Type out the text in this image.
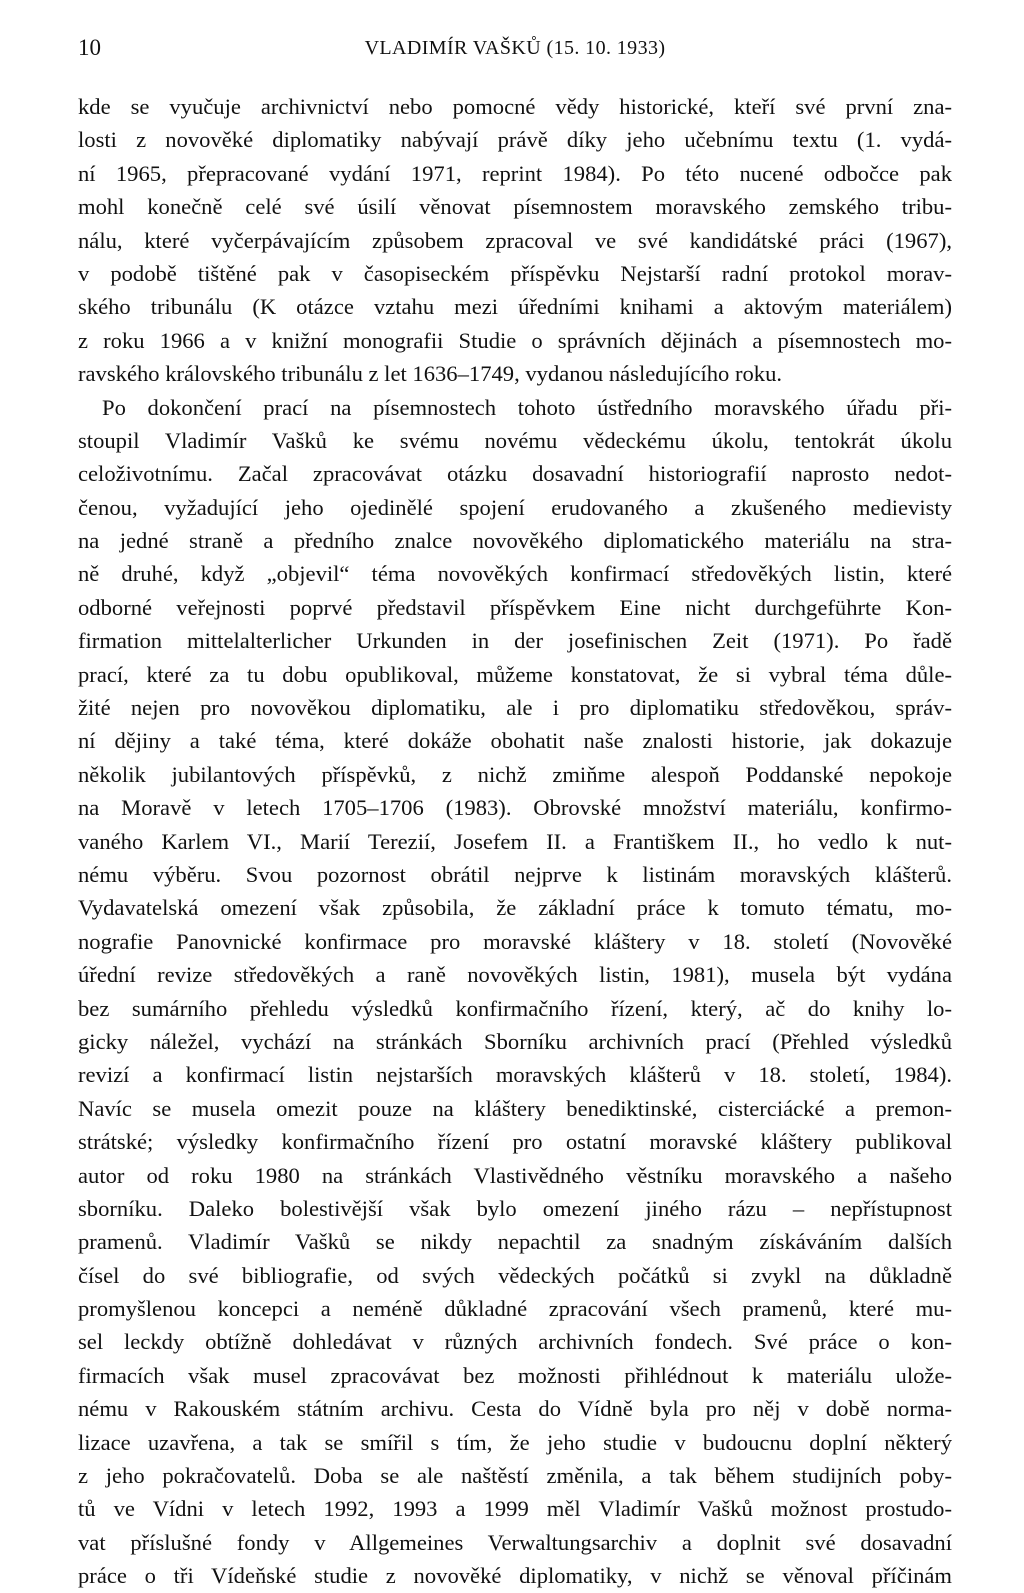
10	VLADIMÍR VAŠKŮ (15. 10. 1933)
kde se vyučuje archivnictví nebo pomocné vědy historické, kteří své první zna-
losti z novověké diplomatiky nabývají právě díky jeho učebnímu textu (1. vydá-
ní 1965, přepracované vydání 1971, reprint 1984). Po této nucené odbočce pak
mohl konečně celé své úsilí věnovat písemnostem moravského zemského tribu-
nálu, které vyčerpávajícím způsobem zpracoval ve své kandidátské práci (1967),
v podobě tištěné pak v časopiseckém příspěvku Nejstarší radní protokol morav-
ského tribunálu (K otázce vztahu mezi úředními knihami a aktovým materiálem)
z roku 1966 a v knižní monografii Studie o správních dějinách a písemnostech mo-
ravského královského tribunálu z let 1636–1749, vydanou následujícího roku.
Po dokončení prací na písemnostech tohoto ústředního moravského úřadu při-
stoupil Vladimír Vašků ke svému novému vědeckému úkolu, tentokrát úkolu
celoživotnímu. Začal zpracovávat otázku dosavadní historiografií naprosto nedot-
čenou, vyžadující jeho ojedinělé spojení erudovaného a zkušeného medievisty
na jedné straně a předního znalce novověkého diplomatického materiálu na stra-
ně druhé, když „objevil“ téma novověkých konfirmací středověkých listin, které
odborné veřejnosti poprvé představil příspěvkem Eine nicht durchgeführte Kon-
firmation mittelalterlicher Urkunden in der josefinischen Zeit (1971). Po řadě
prací, které za tu dobu opublikoval, můžeme konstatovat, že si vybral téma důle-
žité nejen pro novověkou diplomatiku, ale i pro diplomatiku středověkou, správ-
ní dějiny a také téma, které dokáže obohatit naše znalosti historie, jak dokazuje
několik jubilantových příspěvků, z nichž zmiňme alespoň Poddanské nepokoje
na Moravě v letech 1705–1706 (1983). Obrovské množství materiálu, konfirmo-
vaného Karlem VI., Marií Terezií, Josefem II. a Františkem II., ho vedlo k nut-
nému výběru. Svou pozornost obrátil nejprve k listinám moravských klášterů.
Vydavatelská omezení však způsobila, že základní práce k tomuto tématu, mo-
nografie Panovnické konfirmace pro moravské kláštery v 18. století (Novověké
úřední revize středověkých a raně novověkých listin, 1981), musela být vydána
bez sumárního přehledu výsledků konfirmačního řízení, který, ač do knihy lo-
gicky náležel, vychází na stránkách Sborníku archivních prací (Přehled výsledků
revizí a konfirmací listin nejstarších moravských klášterů v 18. století, 1984).
Navíc se musela omezit pouze na kláštery benediktinské, cisterciácké a premon-
strátské; výsledky konfirmačního řízení pro ostatní moravské kláštery publikoval
autor od roku 1980 na stránkách Vlastivědného věstníku moravského a našeho
sborníku. Daleko bolestivější však bylo omezení jiného rázu – nepřístupnost
pramenů. Vladimír Vašků se nikdy nepachtil za snadným získáváním dalších
čísel do své bibliografie, od svých vědeckých počátků si zvykl na důkladně
promyšlenou koncepci a neméně důkladné zpracování všech pramenů, které mu-
sel leckdy obtížně dohledávat v různých archivních fondech. Své práce o kon-
firmacích však musel zpracovávat bez možnosti přihlédnout k materiálu ulože-
nému v Rakouském státním archivu. Cesta do Vídně byla pro něj v době norma-
lizace uzavřena, a tak se smířil s tím, že jeho studie v budoucnu doplní některý
z jeho pokračovatelů. Doba se ale naštěstí změnila, a tak během studijních poby-
tů ve Vídni v letech 1992, 1993 a 1999 měl Vladimír Vašků možnost prostudo-
vat příslušné fondy v Allgemeines Verwaltungsarchiv a doplnit své dosavadní
práce o tři Vídeňské studie z novověké diplomatiky, v nichž se věnoval příčinám
